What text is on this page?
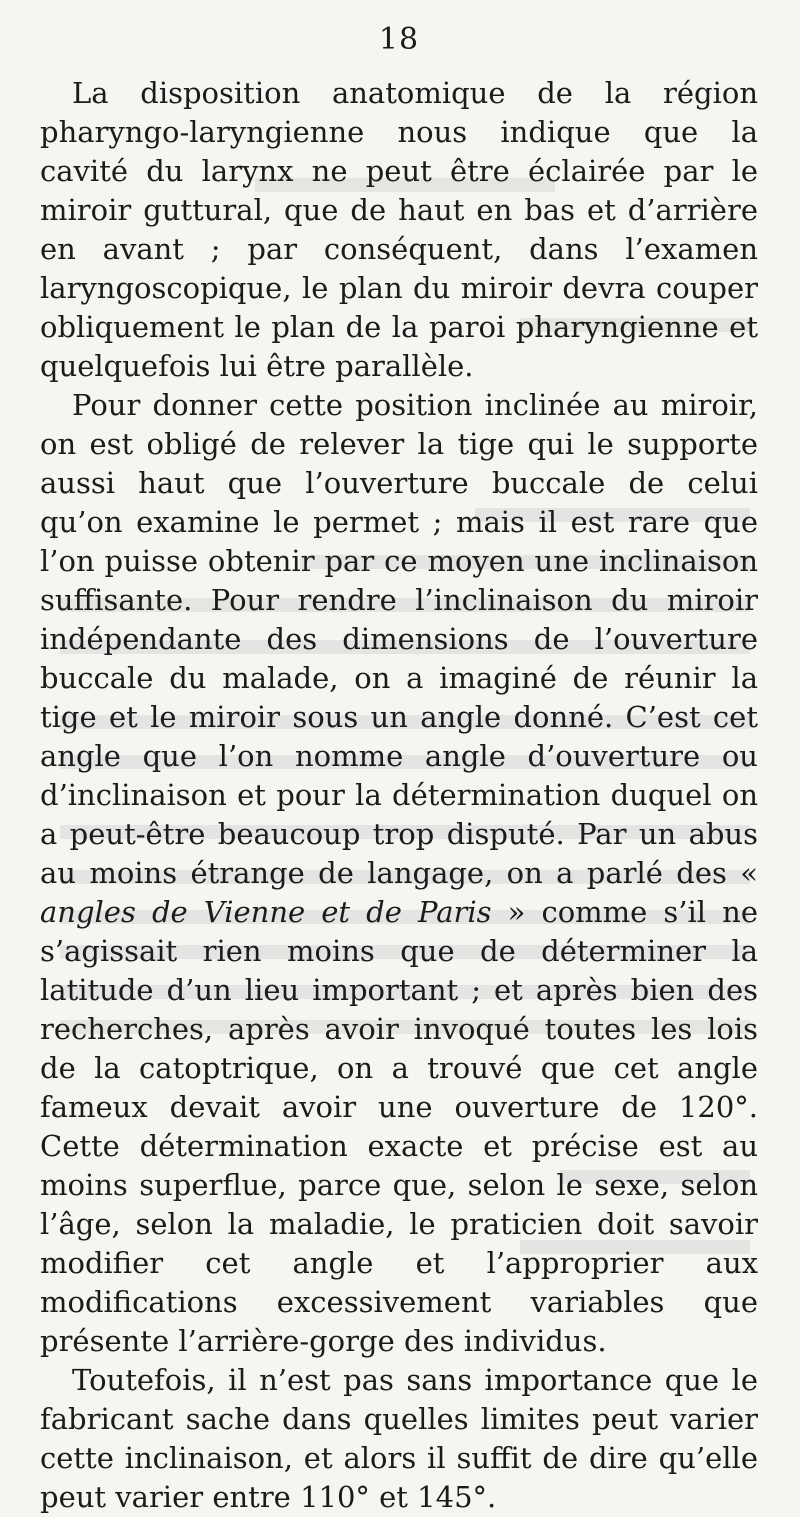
18

La disposition anatomique de la région pharyngo-laryngienne nous indique que la cavité du larynx ne peut être éclairée par le miroir guttural, que de haut en bas et d’arrière en avant ; par conséquent, dans l’examen laryngoscopique, le plan du miroir devra couper obliquement le plan de la paroi pharyngienne et quelquefois lui être parallèle.

Pour donner cette position inclinée au miroir, on est obligé de relever la tige qui le supporte aussi haut que l’ouverture buccale de celui qu’on examine le permet ; mais il est rare que l’on puisse obtenir par ce moyen une inclinaison suffisante. Pour rendre l’inclinaison du miroir indépendante des dimensions de l’ouverture buccale du malade, on a imaginé de réunir la tige et le miroir sous un angle donné. C’est cet angle que l’on nomme angle d’ouverture ou d’inclinaison et pour la détermination duquel on a peut-être beaucoup trop disputé. Par un abus au moins étrange de langage, on a parlé des « angles de Vienne et de Paris » comme s’il ne s’agissait rien moins que de déterminer la latitude d’un lieu important ; et après bien des recherches, après avoir invoqué toutes les lois de la catoptrique, on a trouvé que cet angle fameux devait avoir une ouverture de 120°. Cette détermination exacte et précise est au moins superflue, parce que, selon le sexe, selon l’âge, selon la maladie, le praticien doit savoir modifier cet angle et l’approprier aux modifications excessivement variables que présente l’arrière-gorge des individus.

Toutefois, il n’est pas sans importance que le fabricant sache dans quelles limites peut varier cette inclinaison, et alors il suffit de dire qu’elle peut varier entre 110° et 145°.
